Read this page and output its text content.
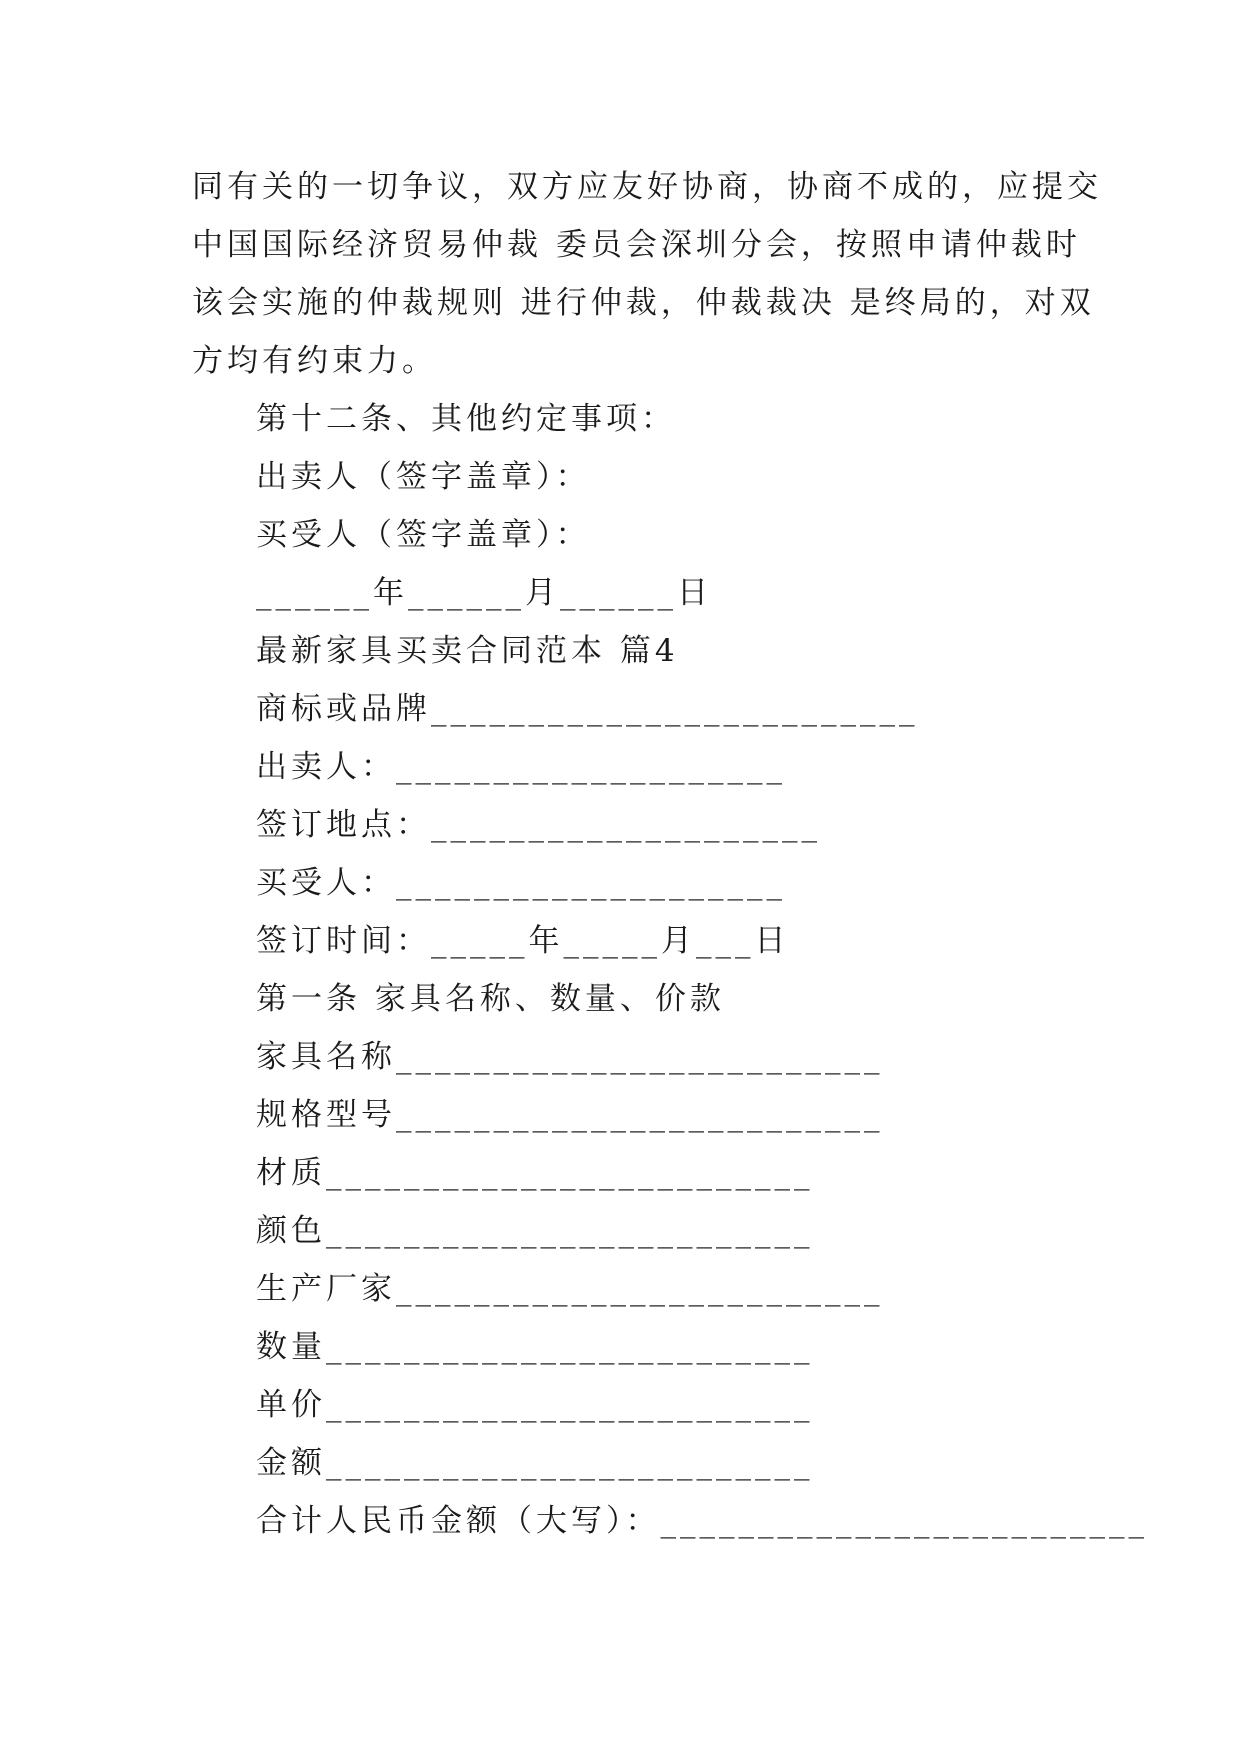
同有关的一切争议，双方应友好协商，协商不成的，应提交
中国国际经济贸易仲裁 委员会深圳分会，按照申请仲裁时
该会实施的仲裁规则 进行仲裁，仲裁裁决 是终局的，对双
方均有约束力。
第十二条、其他约定事项：
出卖人（签字盖章）：
买受人（签字盖章）：
______年______月______日
最新家具买卖合同范本 篇4
商标或品牌_________________________
出卖人：____________________
签订地点：____________________
买受人：____________________
签订时间：_____年_____月___日
第一条 家具名称、数量、价款
家具名称_________________________
规格型号_________________________
材质_________________________
颜色_________________________
生产厂家_________________________
数量_________________________
单价_________________________
金额_________________________
合计人民币金额（大写）：_________________________
